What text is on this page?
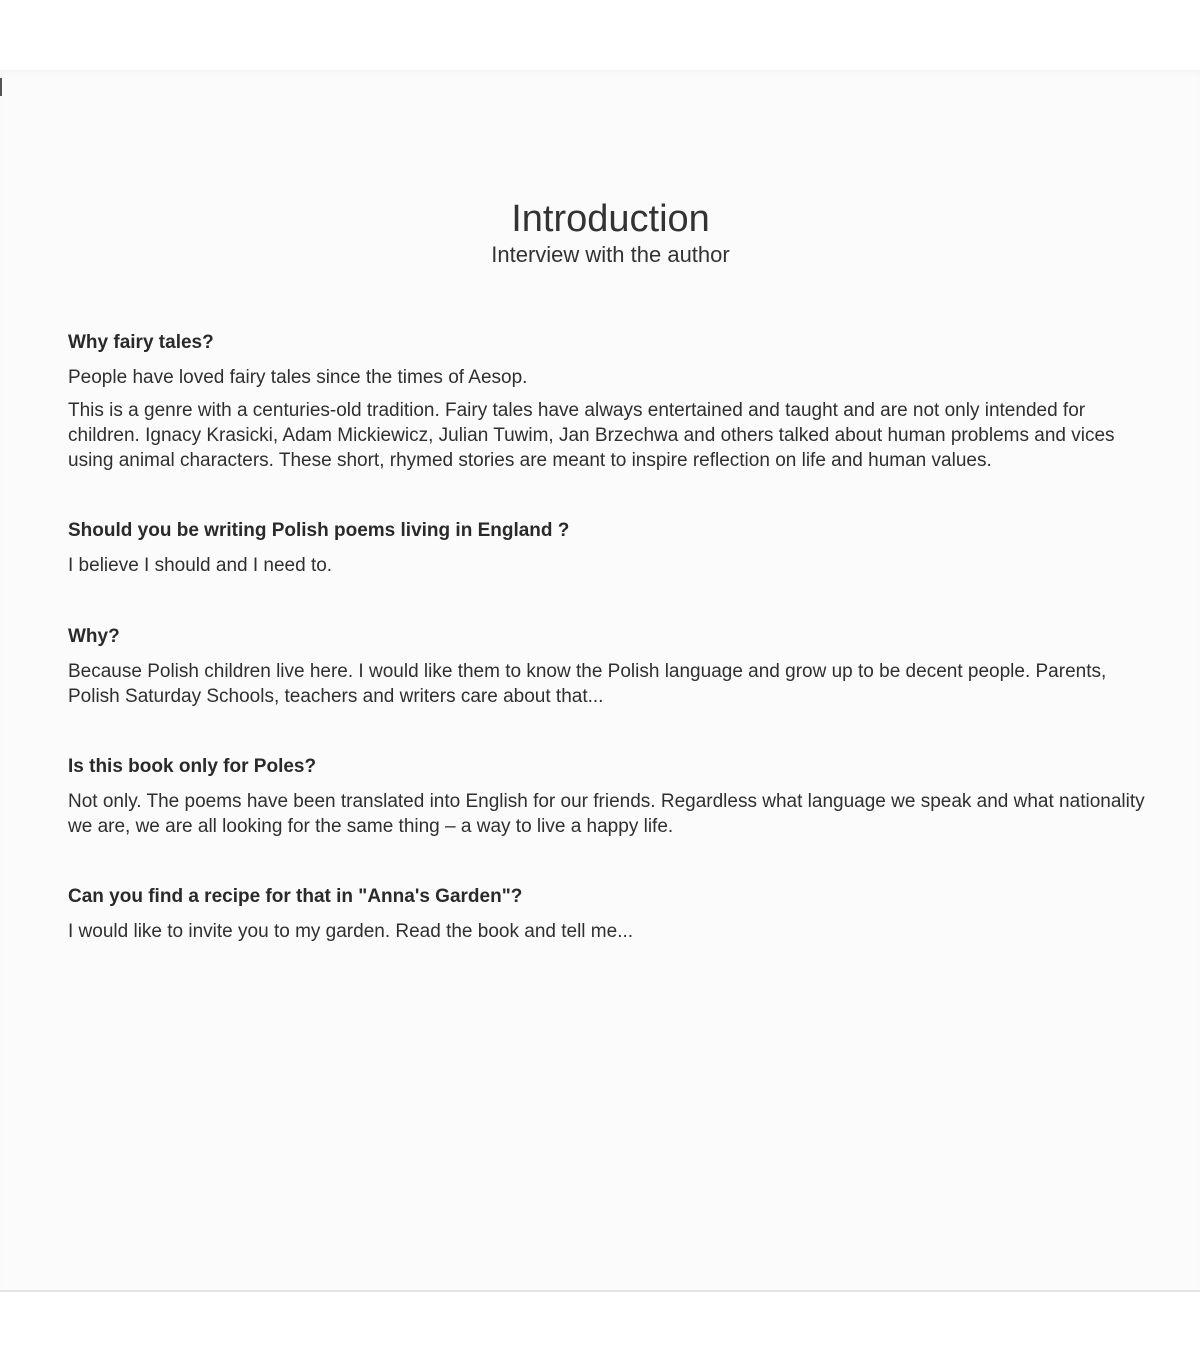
Introduction
Interview with the author
Why fairy tales?

People have loved fairy tales since the times of Aesop.

This is a genre with a centuries-old tradition. Fairy tales have always entertained and taught and are not only intended for children. Ignacy Krasicki, Adam Mickiewicz, Julian Tuwim, Jan Brzechwa and others talked about human problems and vices using animal characters. These short, rhymed stories are meant to inspire reflection on life and human values.

Should you be writing Polish poems living in England ?

I believe I should and I need to.

Why?

Because Polish children live here. I would like them to know the Polish language and grow up to be decent people. Parents, Polish Saturday Schools, teachers and writers care about that...

Is this book only for Poles?

Not only. The poems have been translated into English for our friends. Regardless what language we speak and what nationality we are, we are all looking for the same thing – a way to live a happy life.

Can you find a recipe for that in "Anna's Garden"?

I would like to invite you to my garden. Read the book and tell me...
